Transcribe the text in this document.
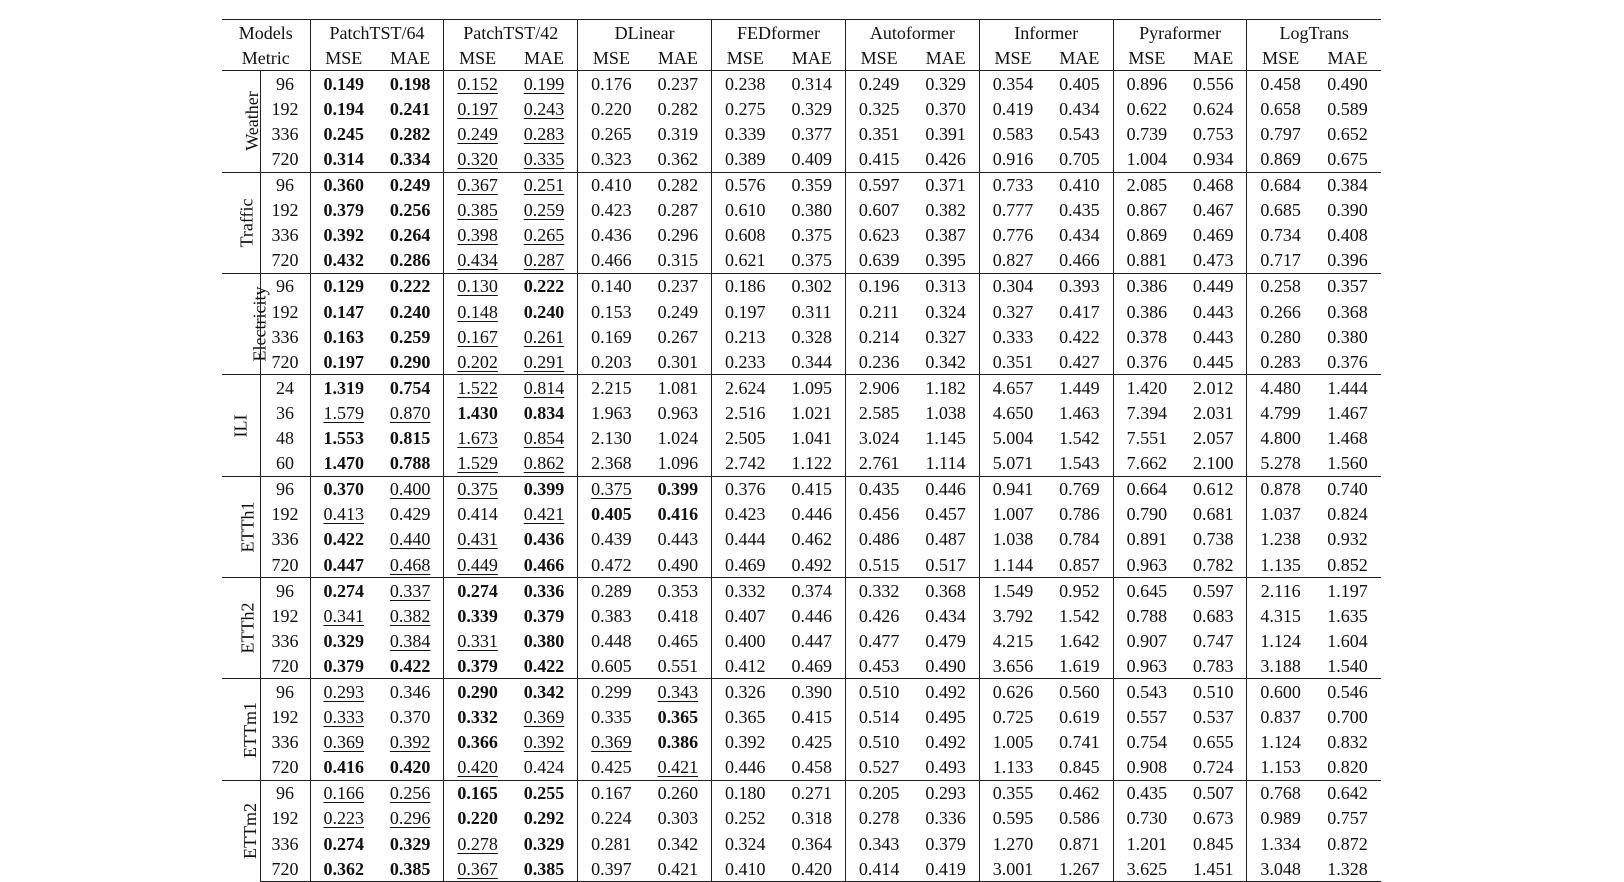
Models		PatchTST/64		PatchTST/42		DLinear		FEDformer		Autoformer		Informer		Pyraformer		LogTrans	
Metric		MSE	MAE	MSE	MAE	MSE	MAE	MSE	MAE	MSE	MAE	MSE	MAE	MSE	MAE	MSE	MAE
Weather	96	0.149	0.198	0.152	0.199	0.176	0.237	0.238	0.314	0.249	0.329	0.354	0.405	0.896	0.556	0.458	0.490
	192	0.194	0.241	0.197	0.243	0.220	0.282	0.275	0.329	0.325	0.370	0.419	0.434	0.622	0.624	0.658	0.589
	336	0.245	0.282	0.249	0.283	0.265	0.319	0.339	0.377	0.351	0.391	0.583	0.543	0.739	0.753	0.797	0.652
	720	0.314	0.334	0.320	0.335	0.323	0.362	0.389	0.409	0.415	0.426	0.916	0.705	1.004	0.934	0.869	0.675
Traffic	96	0.360	0.249	0.367	0.251	0.410	0.282	0.576	0.359	0.597	0.371	0.733	0.410	2.085	0.468	0.684	0.384
	192	0.379	0.256	0.385	0.259	0.423	0.287	0.610	0.380	0.607	0.382	0.777	0.435	0.867	0.467	0.685	0.390
	336	0.392	0.264	0.398	0.265	0.436	0.296	0.608	0.375	0.623	0.387	0.776	0.434	0.869	0.469	0.734	0.408
	720	0.432	0.286	0.434	0.287	0.466	0.315	0.621	0.375	0.639	0.395	0.827	0.466	0.881	0.473	0.717	0.396
Electricity	96	0.129	0.222	0.130	0.222	0.140	0.237	0.186	0.302	0.196	0.313	0.304	0.393	0.386	0.449	0.258	0.357
	192	0.147	0.240	0.148	0.240	0.153	0.249	0.197	0.311	0.211	0.324	0.327	0.417	0.386	0.443	0.266	0.368
	336	0.163	0.259	0.167	0.261	0.169	0.267	0.213	0.328	0.214	0.327	0.333	0.422	0.378	0.443	0.280	0.380
	720	0.197	0.290	0.202	0.291	0.203	0.301	0.233	0.344	0.236	0.342	0.351	0.427	0.376	0.445	0.283	0.376
ILI	24	1.319	0.754	1.522	0.814	2.215	1.081	2.624	1.095	2.906	1.182	4.657	1.449	1.420	2.012	4.480	1.444
	36	1.579	0.870	1.430	0.834	1.963	0.963	2.516	1.021	2.585	1.038	4.650	1.463	7.394	2.031	4.799	1.467
	48	1.553	0.815	1.673	0.854	2.130	1.024	2.505	1.041	3.024	1.145	5.004	1.542	7.551	2.057	4.800	1.468
	60	1.470	0.788	1.529	0.862	2.368	1.096	2.742	1.122	2.761	1.114	5.071	1.543	7.662	2.100	5.278	1.560
ETTh1	96	0.370	0.400	0.375	0.399	0.375	0.399	0.376	0.415	0.435	0.446	0.941	0.769	0.664	0.612	0.878	0.740
	192	0.413	0.429	0.414	0.421	0.405	0.416	0.423	0.446	0.456	0.457	1.007	0.786	0.790	0.681	1.037	0.824
	336	0.422	0.440	0.431	0.436	0.439	0.443	0.444	0.462	0.486	0.487	1.038	0.784	0.891	0.738	1.238	0.932
	720	0.447	0.468	0.449	0.466	0.472	0.490	0.469	0.492	0.515	0.517	1.144	0.857	0.963	0.782	1.135	0.852
ETTh2	96	0.274	0.337	0.274	0.336	0.289	0.353	0.332	0.374	0.332	0.368	1.549	0.952	0.645	0.597	2.116	1.197
	192	0.341	0.382	0.339	0.379	0.383	0.418	0.407	0.446	0.426	0.434	3.792	1.542	0.788	0.683	4.315	1.635
	336	0.329	0.384	0.331	0.380	0.448	0.465	0.400	0.447	0.477	0.479	4.215	1.642	0.907	0.747	1.124	1.604
	720	0.379	0.422	0.379	0.422	0.605	0.551	0.412	0.469	0.453	0.490	3.656	1.619	0.963	0.783	3.188	1.540
ETTm1	96	0.293	0.346	0.290	0.342	0.299	0.343	0.326	0.390	0.510	0.492	0.626	0.560	0.543	0.510	0.600	0.546
	192	0.333	0.370	0.332	0.369	0.335	0.365	0.365	0.415	0.514	0.495	0.725	0.619	0.557	0.537	0.837	0.700
	336	0.369	0.392	0.366	0.392	0.369	0.386	0.392	0.425	0.510	0.492	1.005	0.741	0.754	0.655	1.124	0.832
	720	0.416	0.420	0.420	0.424	0.425	0.421	0.446	0.458	0.527	0.493	1.133	0.845	0.908	0.724	1.153	0.820
ETTm2	96	0.166	0.256	0.165	0.255	0.167	0.260	0.180	0.271	0.205	0.293	0.355	0.462	0.435	0.507	0.768	0.642
	192	0.223	0.296	0.220	0.292	0.224	0.303	0.252	0.318	0.278	0.336	0.595	0.586	0.730	0.673	0.989	0.757
	336	0.274	0.329	0.278	0.329	0.281	0.342	0.324	0.364	0.343	0.379	1.270	0.871	1.201	0.845	1.334	0.872
	720	0.362	0.385	0.367	0.385	0.397	0.421	0.410	0.420	0.414	0.419	3.001	1.267	3.625	1.451	3.048	1.328
